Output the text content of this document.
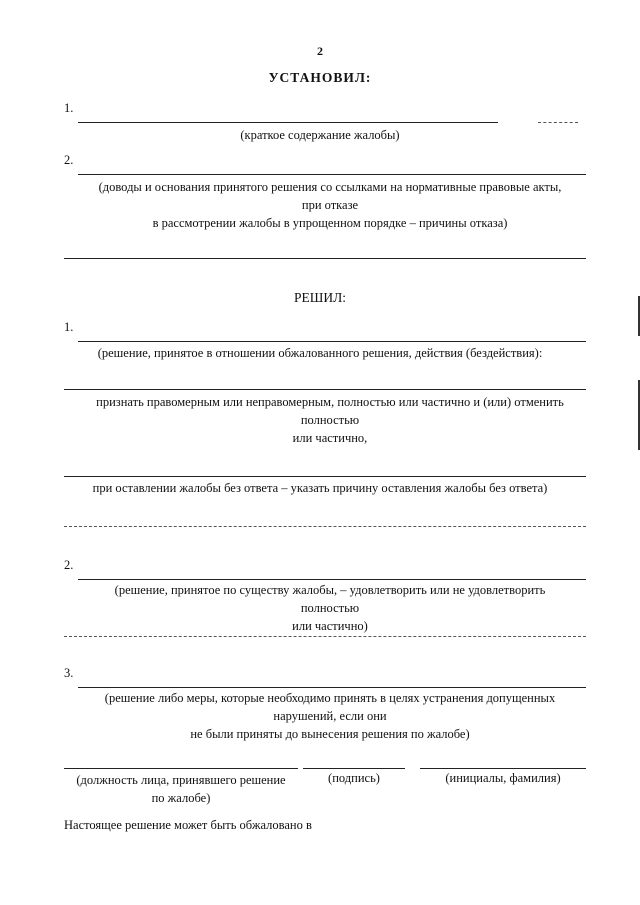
2
УСТАНОВИЛ:
1.
(краткое содержание жалобы)
2.
(доводы и основания принятого решения со ссылками на нормативные правовые акты,
при отказе
в рассмотрении жалобы в упрощенном порядке – причины отказа)
РЕШИЛ:
1.
(решение, принятое в отношении обжалованного решения, действия (бездействия):
признать правомерным или неправомерным, полностью или частично и (или) отменить
полностью
или частично,
при оставлении жалобы без ответа – указать причину оставления жалобы без ответа)
2.
(решение, принятое по существу жалобы, – удовлетворить или не удовлетворить
полностью
или частично)
3.
(решение либо меры, которые необходимо принять в целях устранения допущенных
нарушений, если они
не были приняты до вынесения решения по жалобе)
(должность лица, принявшего решение
по жалобе)
(подпись)	(инициалы, фамилия)
Настоящее решение может быть обжаловано в
